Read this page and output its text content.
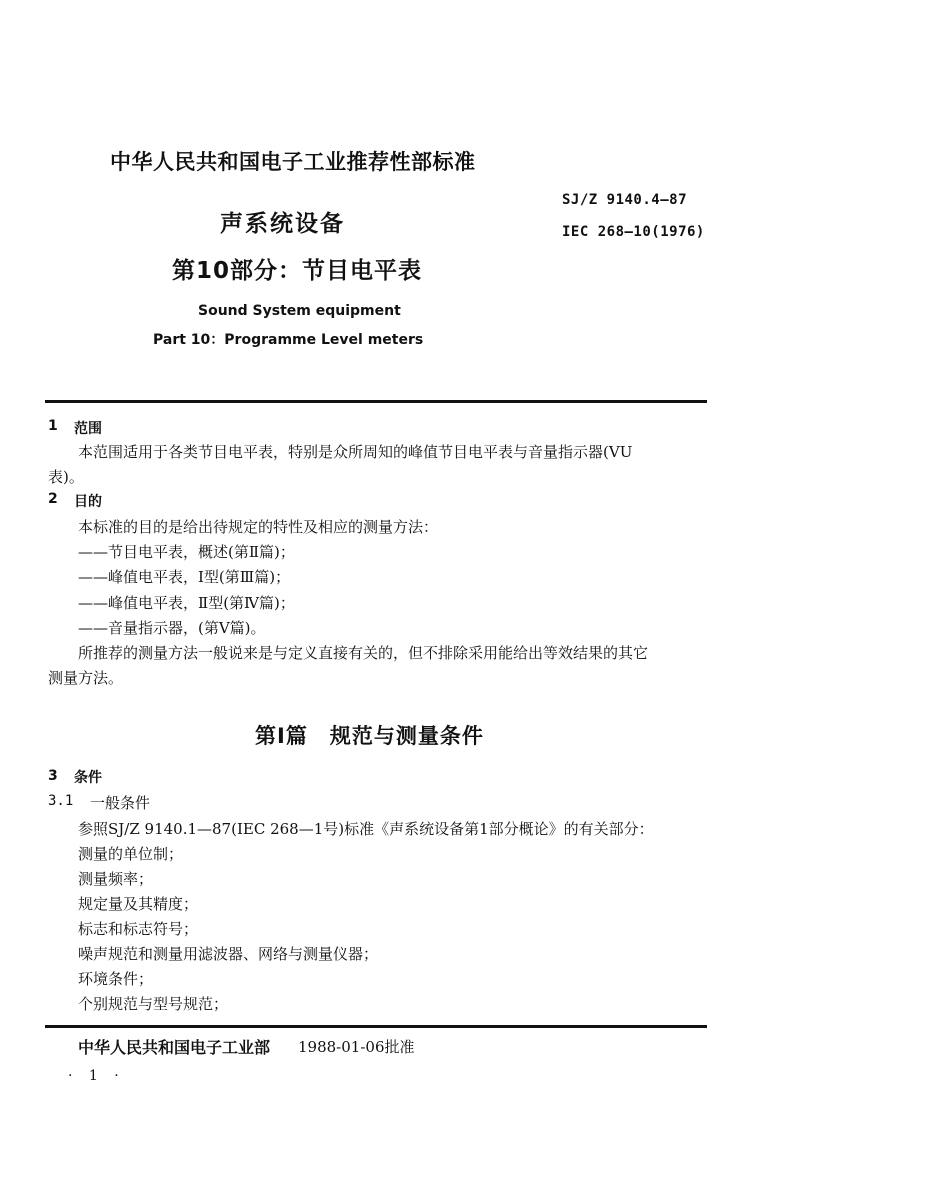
中华人民共和国电子工业推荐性部标准
SJ/Z 9140.4—87
IEC 268—10(1976)
声系统设备
第10部分：节目电平表
Sound System equipment
Part 10：Programme Level meters
1 范围
本范围适用于各类节目电平表，特别是众所周知的峰值节目电平表与音量指示器(VU
表)。
2 目的
本标准的目的是给出待规定的特性及相应的测量方法：
——节目电平表，概述(第Ⅱ篇)；
——峰值电平表，Ⅰ型(第Ⅲ篇)；
——峰值电平表，Ⅱ型(第Ⅳ篇)；
——音量指示器，(第Ⅴ篇)。
所推荐的测量方法一般说来是与定义直接有关的，但不排除采用能给出等效结果的其它
测量方法。
第Ⅰ篇　规范与测量条件
3 条件
3.1 一般条件
参照SJ/Z 9140.1—87(IEC 268—1号)标准《声系统设备第1部分概论》的有关部分：
测量的单位制；
测量频率；
规定量及其精度；
标志和标志符号；
噪声规范和测量用滤波器、网络与测量仪器；
环境条件；
个别规范与型号规范；
中华人民共和国电子工业部 1988-01-06批准
· 1 ·
